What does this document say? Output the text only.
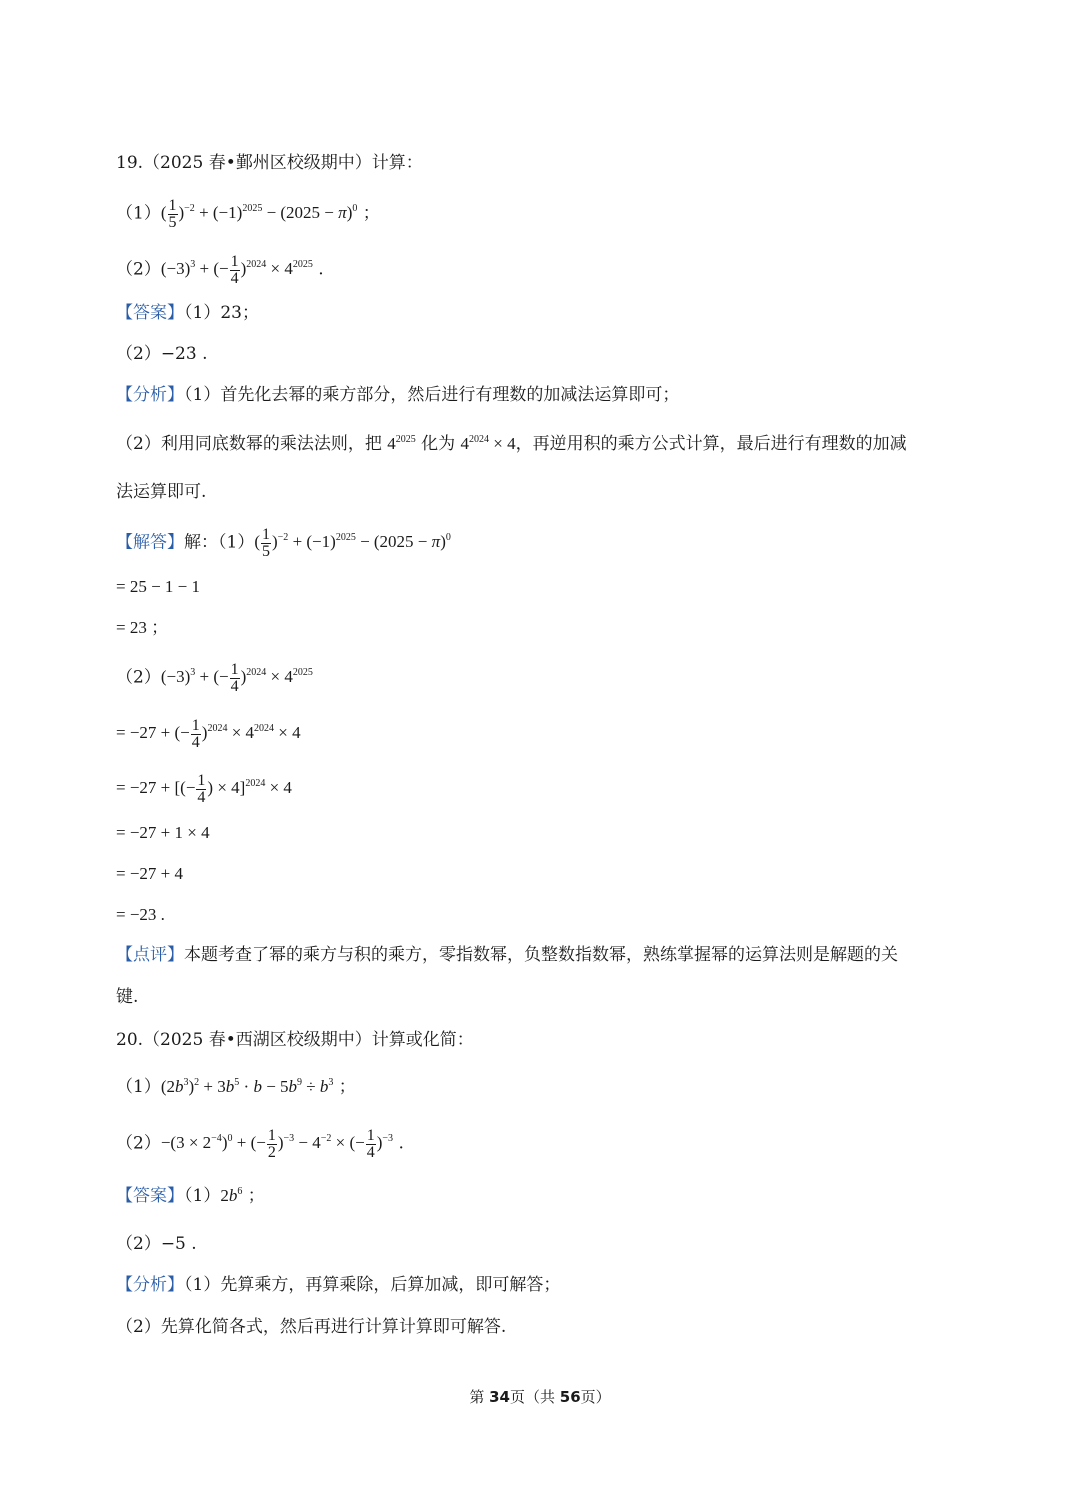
19.（2025 春•鄞州区校级期中）计算：

$(1)( \frac{1}{5} )^{-2} + (-1)^{2025} - (2025 - \pi)^0$ ；

$(2)(-3)^3$ + (− $\frac{1}{4} )^{2024} \times 4^{2025}$ .

【答案】（1）23；

（2）−23 .

【分析】（1）首先化去幂的乘方部分，然后进行有理数的加减法运算即可；

（2）利用同底数幂的乘法法则，把 $4^{2025}$ 化为 $4^{2024} \times 4$，再逆用积的乘方公式计算，最后进行有理数的加减

法运算即可.

【解答】解：$(1)( \frac{1}{5} )^{-2} + (-1)^{2025} - (2025 - \pi)^0$

= 25 − 1 − 1

= 23 ；

$(2)(-3)^3$ + (− $\frac{1}{4} )^{2024} \times 4^{2025}$

= −27 + (− $\frac{1}{4} )^{2024} \times 4^{2024} \times 4$

= −27 + [(− $\frac{1}{4}$ ) × 4]$^{2024}$ × 4

= −27 + 1 × 4

= −27 + 4

= −23 .

【点评】本题考查了幂的乘方与积的乘方，零指数幂，负整数指数幂，熟练掌握幂的运算法则是解题的关

键.

20.（2025 春•西湖区校级期中）计算或化简：

$(1)(2b^3)^2 + 3b^5 \cdot b - 5b^9 \div b^3$ ；

$(2)-(3 \times 2^{-4})^0$ + (− $\frac{1}{2} )^{-3} - 4^{-2}$ × (− $\frac{1}{4} )^{-3}$ .

【答案】$(1)2b^6$ ；

（2）−5 .

【分析】（1）先算乘方，再算乘除，后算加减，即可解答；

（2）先算化简各式，然后再进行计算计算即可解答.

第 34页（共 56页）
